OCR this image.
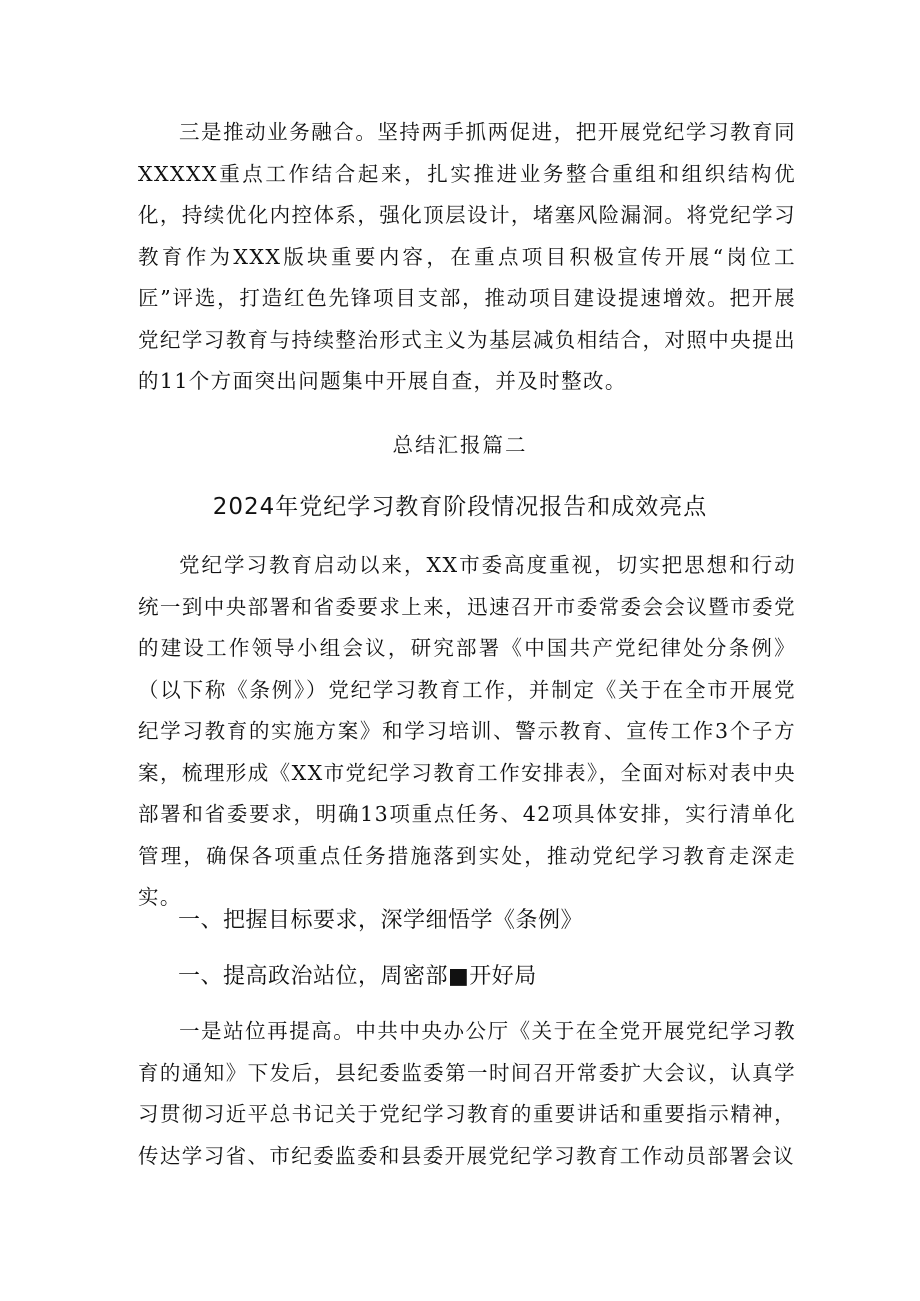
三是推动业务融合。坚持两手抓两促进，把开展党纪学习教育同XXXXX重点工作结合起来，扎实推进业务整合重组和组织结构优化，持续优化内控体系，强化顶层设计，堵塞风险漏洞。将党纪学习教育作为XXX版块重要内容，在重点项目积极宣传开展“岗位工匠”评选，打造红色先锋项目支部，推动项目建设提速增效。把开展党纪学习教育与持续整治形式主义为基层减负相结合，对照中央提出的11个方面突出问题集中开展自查，并及时整改。

总结汇报篇二

2024年党纪学习教育阶段情况报告和成效亮点

党纪学习教育启动以来，XX市委高度重视，切实把思想和行动统一到中央部署和省委要求上来，迅速召开市委常委会会议暨市委党的建设工作领导小组会议，研究部署《中国共产党纪律处分条例》（以下称《条例》）党纪学习教育工作，并制定《关于在全市开展党纪学习教育的实施方案》和学习培训、警示教育、宣传工作3个子方案，梳理形成《XX市党纪学习教育工作安排表》，全面对标对表中央部署和省委要求，明确13项重点任务、42项具体安排，实行清单化管理，确保各项重点任务措施落到实处，推动党纪学习教育走深走实。

一、把握目标要求，深学细悟学《条例》

一、提高政治站位，周密部■开好局

一是站位再提高。中共中央办公厅《关于在全党开展党纪学习教育的通知》下发后，县纪委监委第一时间召开常委扩大会议，认真学习贯彻习近平总书记关于党纪学习教育的重要讲话和重要指示精神，传达学习省、市纪委监委和县委开展党纪学习教育工作动员部署会议
